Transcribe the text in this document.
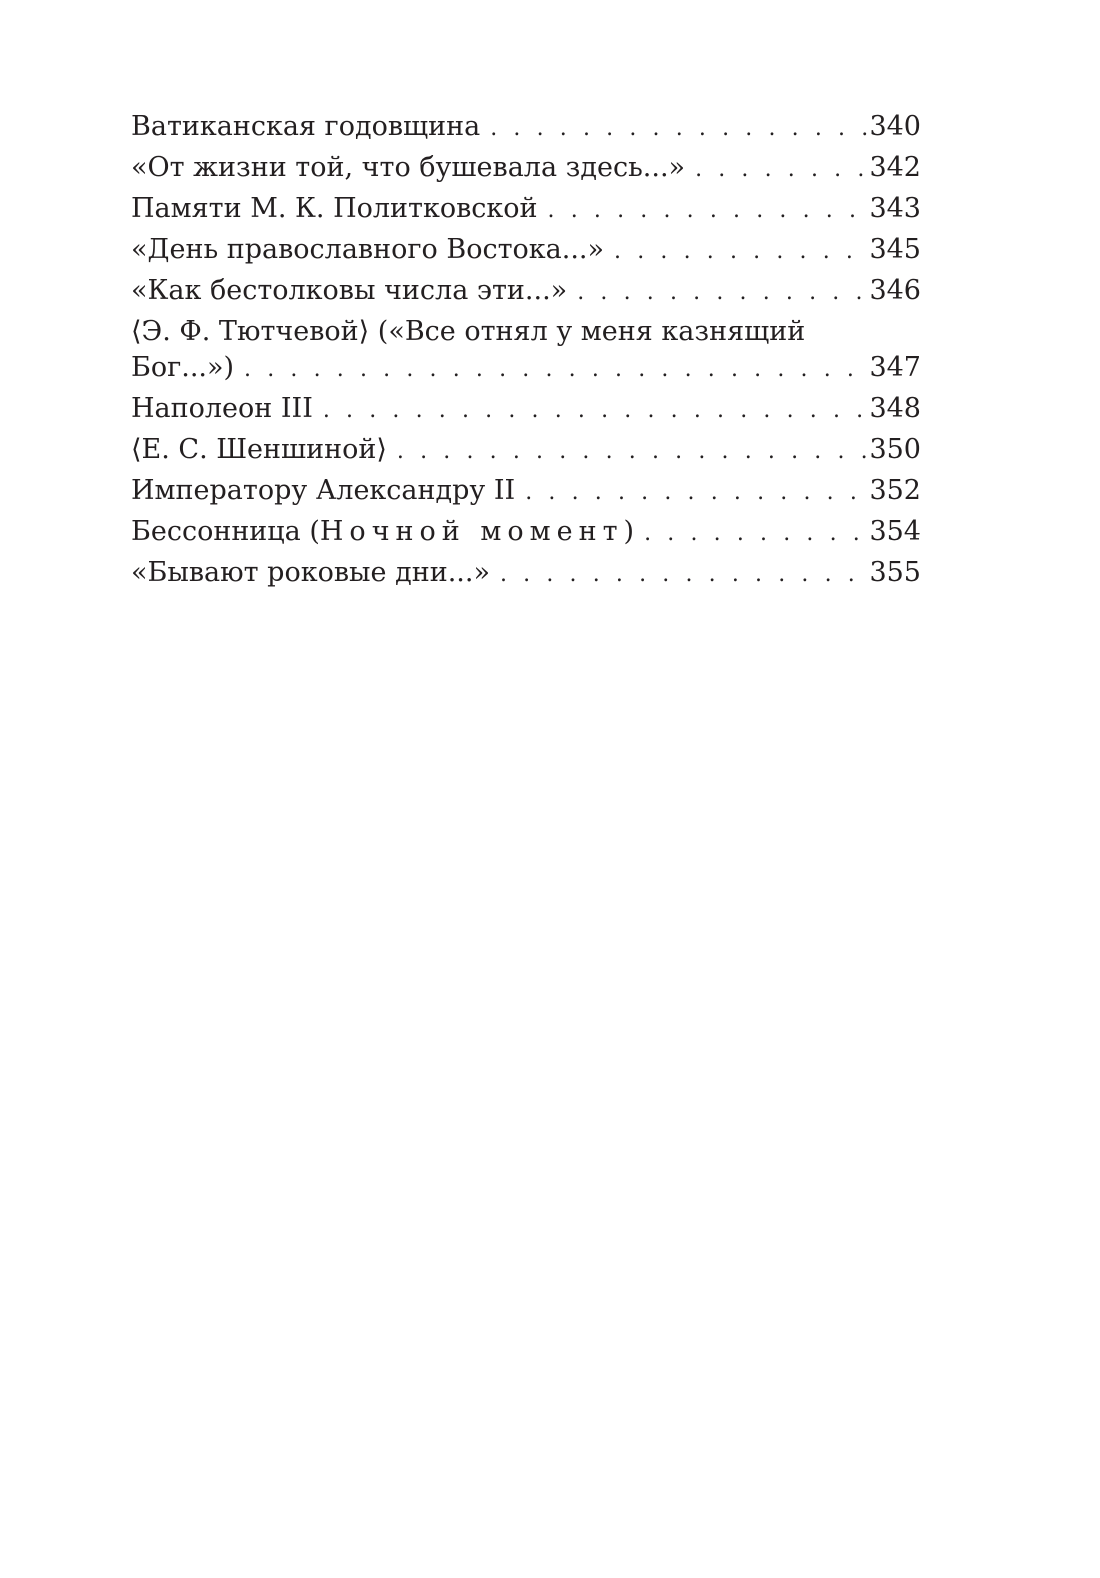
Ватиканская годовщина . . .	340
«От жизни той, что бушевала здесь...» . . .	342
Памяти М. К. Политковской . . .	343
«День православного Востока...» . . .	345
«Как бестолковы числа эти...» . . .	346
⟨Э. Ф. Тютчевой⟩ («Все отнял у меня казнящий
Бог...») . . .	347
Наполеон III . . .	348
⟨Е. С. Шеншиной⟩ . . .	350
Императору Александру II . . .	352
Бессонница (Ночной момент) . . .	354
«Бывают роковые дни...» . . .	355
